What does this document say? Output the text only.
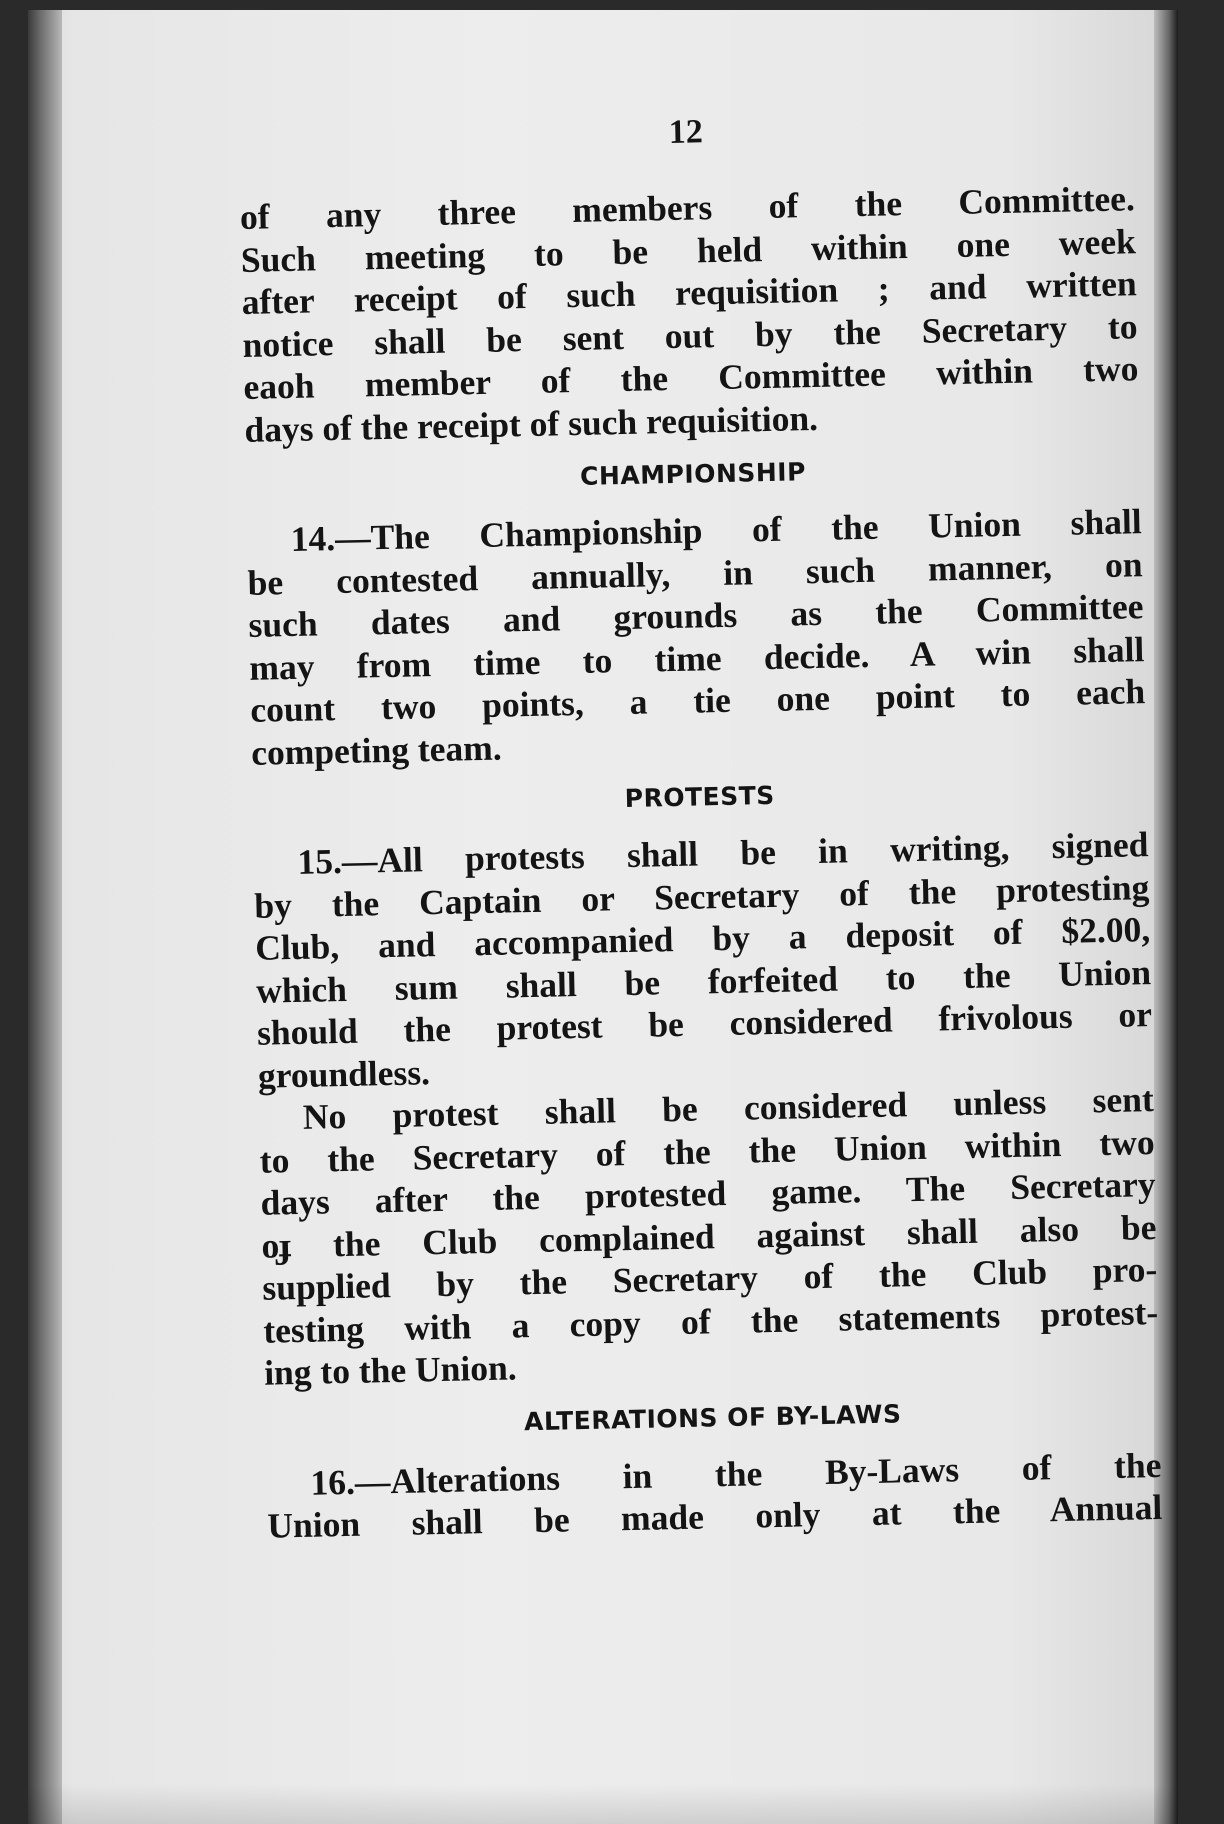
12

of any three members of the Committee.
Such meeting to be held within one week
after receipt of such requisition ; and written
notice shall be sent out by the Secretary to
eaoh member of the Committee within two
days of the receipt of such requisition.

CHAMPIONSHIP

14.—The Championship of the Union shall
be contested annually, in such manner, on
such dates and grounds as the Committee
may from time to time decide. A win shall
count two points, a tie one point to each
competing team.

PROTESTS

15.—All protests shall be in writing, signed
by the Captain or Secretary of the protesting
Club, and accompanied by a deposit of $2.00,
which sum shall be forfeited to the Union
should the protest be considered frivolous or
groundless.

No protest shall be considered unless sent
to the Secretary of the the Union within two
days after the protested game. The Secretary
oɟ the Club complained against shall also be
supplied by the Secretary of the Club pro-
testing with a copy of the statements protest-
ing to the Union.

ALTERATIONS OF BY-LAWS

16.—Alterations in the By-Laws of the
Union shall be made only at the Annual
